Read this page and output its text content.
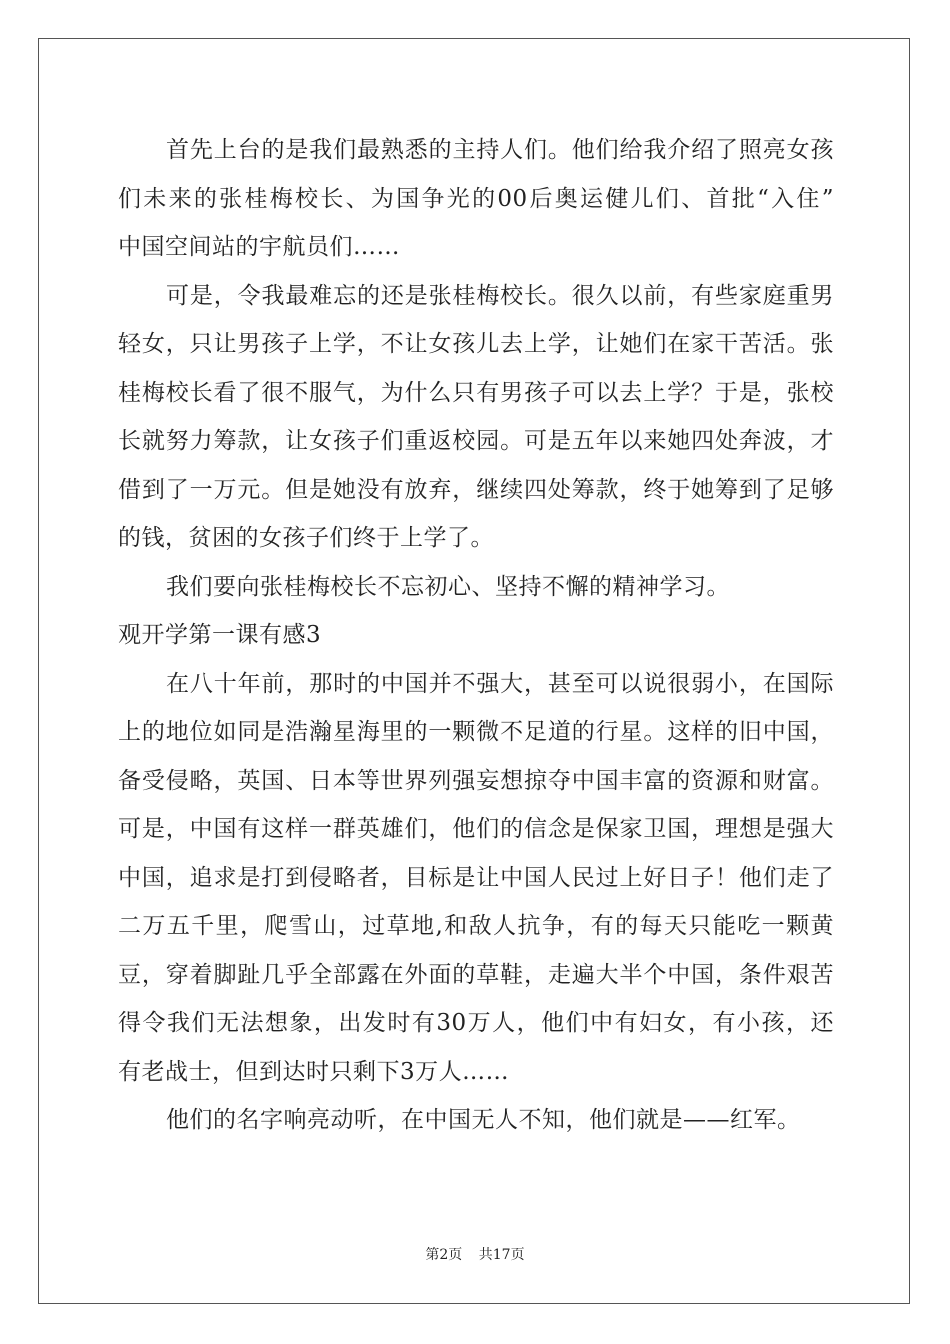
首先上台的是我们最熟悉的主持人们。他们给我介绍了照亮女孩
们未来的张桂梅校长、为国争光的00后奥运健儿们、首批“入住”
中国空间站的宇航员们……
可是，令我最难忘的还是张桂梅校长。很久以前，有些家庭重男
轻女，只让男孩子上学，不让女孩儿去上学，让她们在家干苦活。张
桂梅校长看了很不服气，为什么只有男孩子可以去上学？于是，张校
长就努力筹款，让女孩子们重返校园。可是五年以来她四处奔波，才
借到了一万元。但是她没有放弃，继续四处筹款，终于她筹到了足够
的钱，贫困的女孩子们终于上学了。
我们要向张桂梅校长不忘初心、坚持不懈的精神学习。
观开学第一课有感3
在八十年前，那时的中国并不强大，甚至可以说很弱小，在国际
上的地位如同是浩瀚星海里的一颗微不足道的行星。这样的旧中国，
备受侵略，英国、日本等世界列强妄想掠夺中国丰富的资源和财富。
可是，中国有这样一群英雄们，他们的信念是保家卫国，理想是强大
中国，追求是打到侵略者，目标是让中国人民过上好日子！他们走了
二万五千里，爬雪山，过草地,和敌人抗争，有的每天只能吃一颗黄
豆，穿着脚趾几乎全部露在外面的草鞋，走遍大半个中国，条件艰苦
得令我们无法想象，出发时有30万人，他们中有妇女，有小孩，还
有老战士，但到达时只剩下3万人……
他们的名字响亮动听，在中国无人不知，他们就是——红军。
第2页 共17页
